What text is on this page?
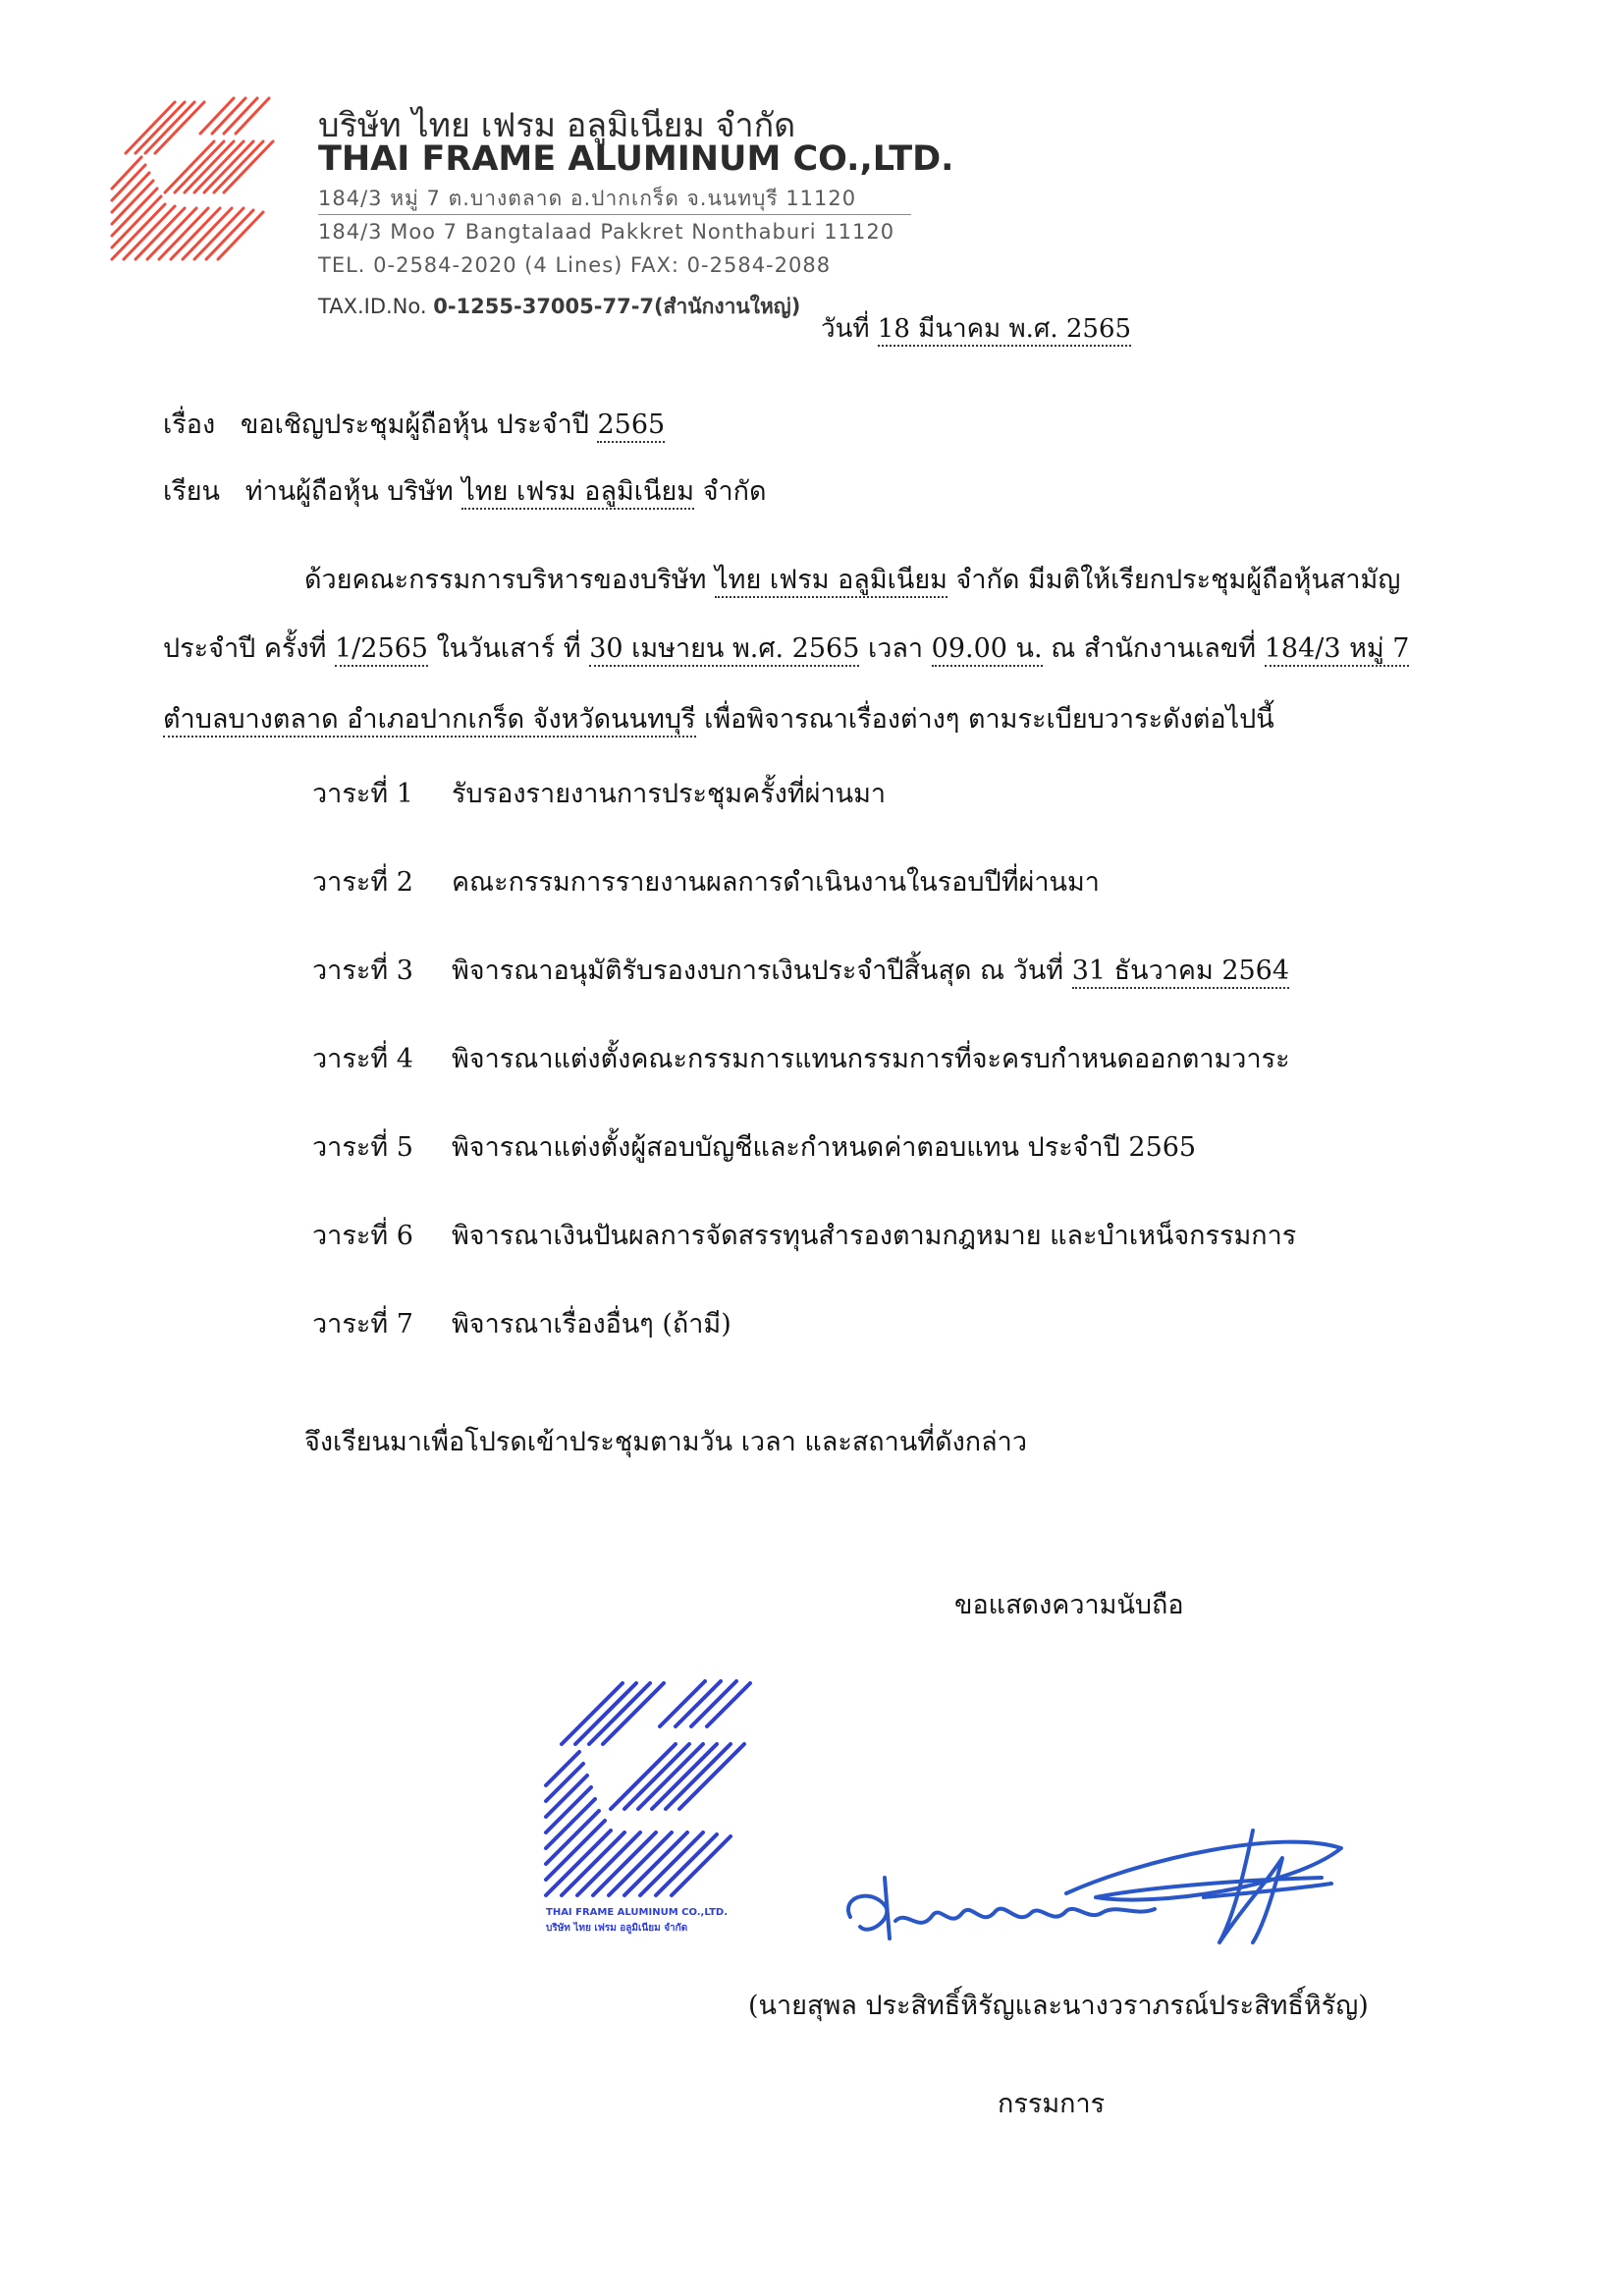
บริษัท ไทย เฟรม อลูมิเนียม จำกัด
THAI FRAME ALUMINUM CO.,LTD.
184/3 หมู่ 7 ต.บางตลาด อ.ปากเกร็ด จ.นนทบุรี 11120
184/3 Moo 7 Bangtalaad Pakkret Nonthaburi 11120
TEL. 0-2584-2020 (4 Lines) FAX: 0-2584-2088
TAX.ID.No. 0-1255-37005-77-7(สำนักงานใหญ่)
วันที่ 18 มีนาคม พ.ศ. 2565
เรื่อง ขอเชิญประชุมผู้ถือหุ้น ประจำปี 2565
เรียน ท่านผู้ถือหุ้น บริษัท ไทย เฟรม อลูมิเนียม จำกัด
ด้วยคณะกรรมการบริหารของบริษัท ไทย เฟรม อลูมิเนียม จำกัด มีมติให้เรียกประชุมผู้ถือหุ้นสามัญ
ประจำปี ครั้งที่ 1/2565 ในวันเสาร์ ที่ 30 เมษายน พ.ศ. 2565 เวลา 09.00 น. ณ สำนักงานเลขที่ 184/3 หมู่ 7
ตำบลบางตลาด อำเภอปากเกร็ด จังหวัดนนทบุรี เพื่อพิจารณาเรื่องต่างๆ ตามระเบียบวาระดังต่อไปนี้
วาระที่ 1 รับรองรายงานการประชุมครั้งที่ผ่านมา
วาระที่ 2 คณะกรรมการรายงานผลการดำเนินงานในรอบปีที่ผ่านมา
วาระที่ 3 พิจารณาอนุมัติรับรองงบการเงินประจำปีสิ้นสุด ณ วันที่ 31 ธันวาคม 2564
วาระที่ 4 พิจารณาแต่งตั้งคณะกรรมการแทนกรรมการที่จะครบกำหนดออกตามวาระ
วาระที่ 5 พิจารณาแต่งตั้งผู้สอบบัญชีและกำหนดค่าตอบแทน ประจำปี 2565
วาระที่ 6 พิจารณาเงินปันผลการจัดสรรทุนสำรองตามกฎหมาย และบำเหน็จกรรมการ
วาระที่ 7 พิจารณาเรื่องอื่นๆ (ถ้ามี)
จึงเรียนมาเพื่อโปรดเข้าประชุมตามวัน เวลา และสถานที่ดังกล่าว
ขอแสดงความนับถือ
THAI FRAME ALUMINUM CO.,LTD.
บริษัท ไทย เฟรม อลูมิเนียม จำกัด
(นายสุพล ประสิทธิ์หิรัญและนางวราภรณ์ประสิทธิ์หิรัญ)
กรรมการ
